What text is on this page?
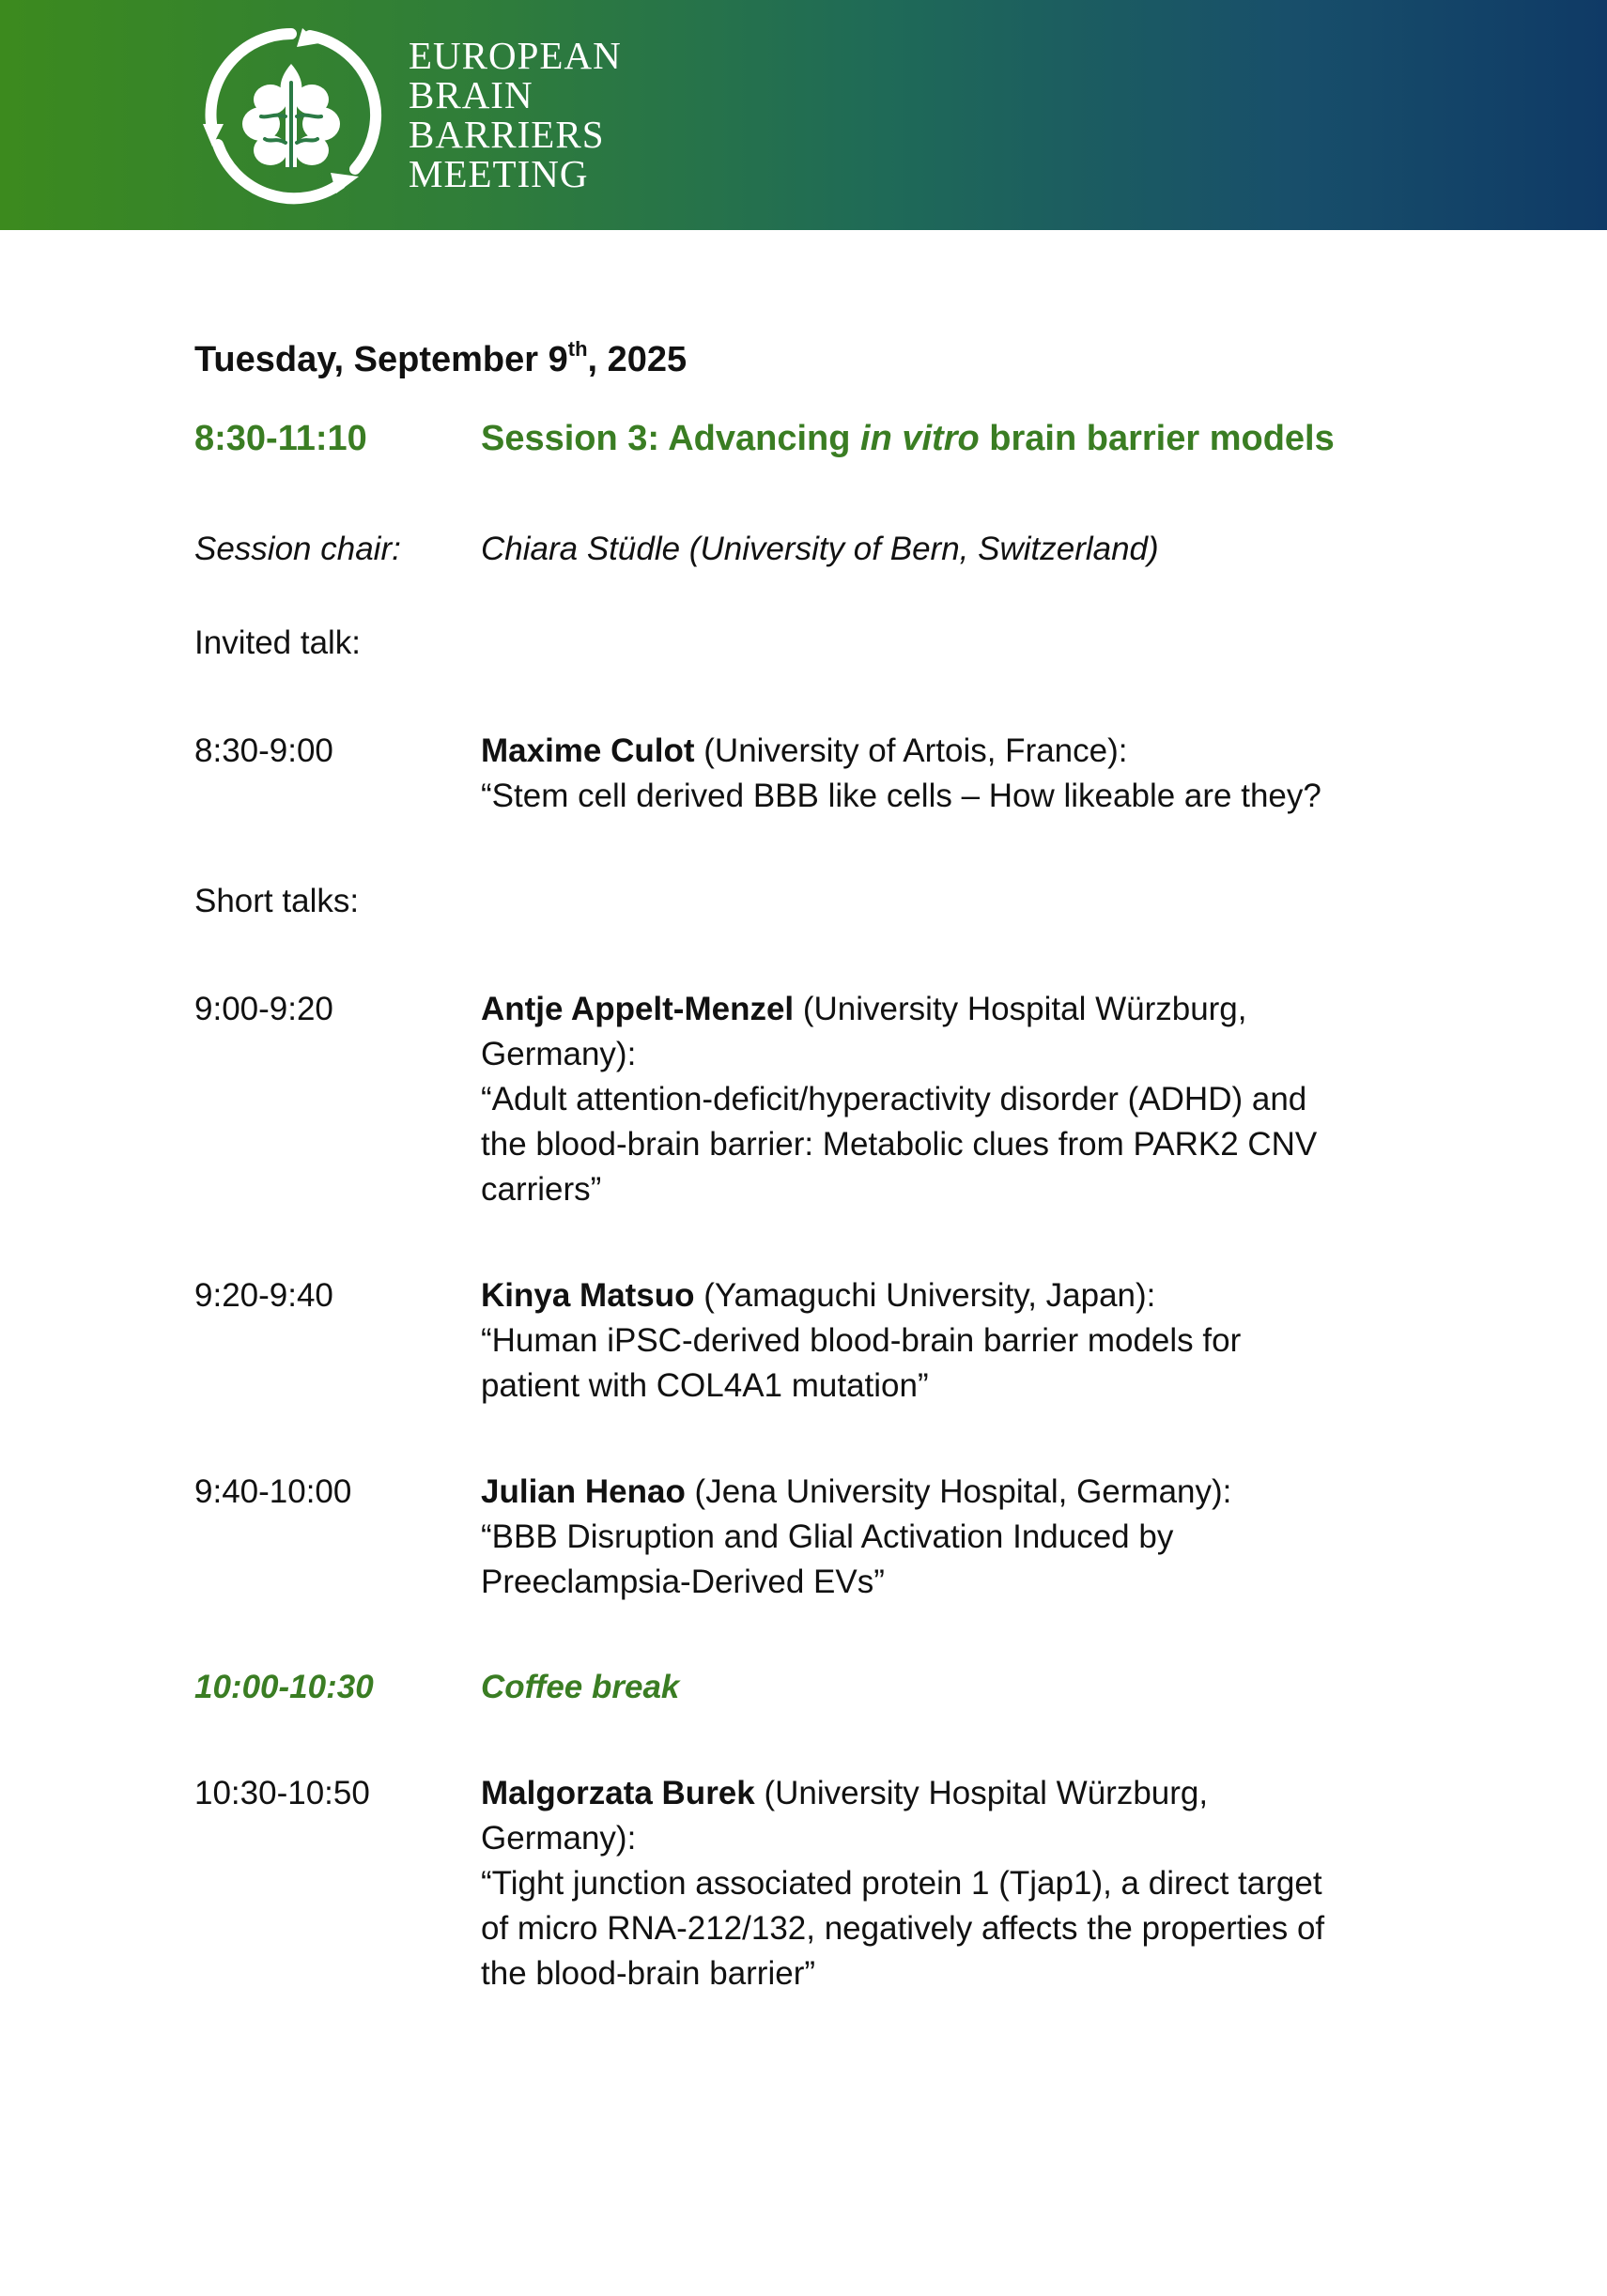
EUROPEAN
BRAIN
BARRIERS
MEETING
Tuesday, September 9th, 2025
8:30-11:10	Session 3: Advancing in vitro brain barrier models
Session chair: Chiara Stüdle (University of Bern, Switzerland)
Invited talk:
8:30-9:00	Maxime Culot (University of Artois, France):
“Stem cell derived BBB like cells – How likeable are they?
Short talks:
9:00-9:20	Antje Appelt-Menzel (University Hospital Würzburg,
Germany):
“Adult attention-deficit/hyperactivity disorder (ADHD) and
the blood-brain barrier: Metabolic clues from PARK2 CNV
carriers”
9:20-9:40	Kinya Matsuo (Yamaguchi University, Japan):
“Human iPSC-derived blood-brain barrier models for
patient with COL4A1 mutation”
9:40-10:00	Julian Henao (Jena University Hospital, Germany):
“BBB Disruption and Glial Activation Induced by
Preeclampsia-Derived EVs”
10:00-10:30	Coffee break
10:30-10:50	Malgorzata Burek (University Hospital Würzburg,
Germany):
“Tight junction associated protein 1 (Tjap1), a direct target
of micro RNA-212/132, negatively affects the properties of
the blood-brain barrier”
